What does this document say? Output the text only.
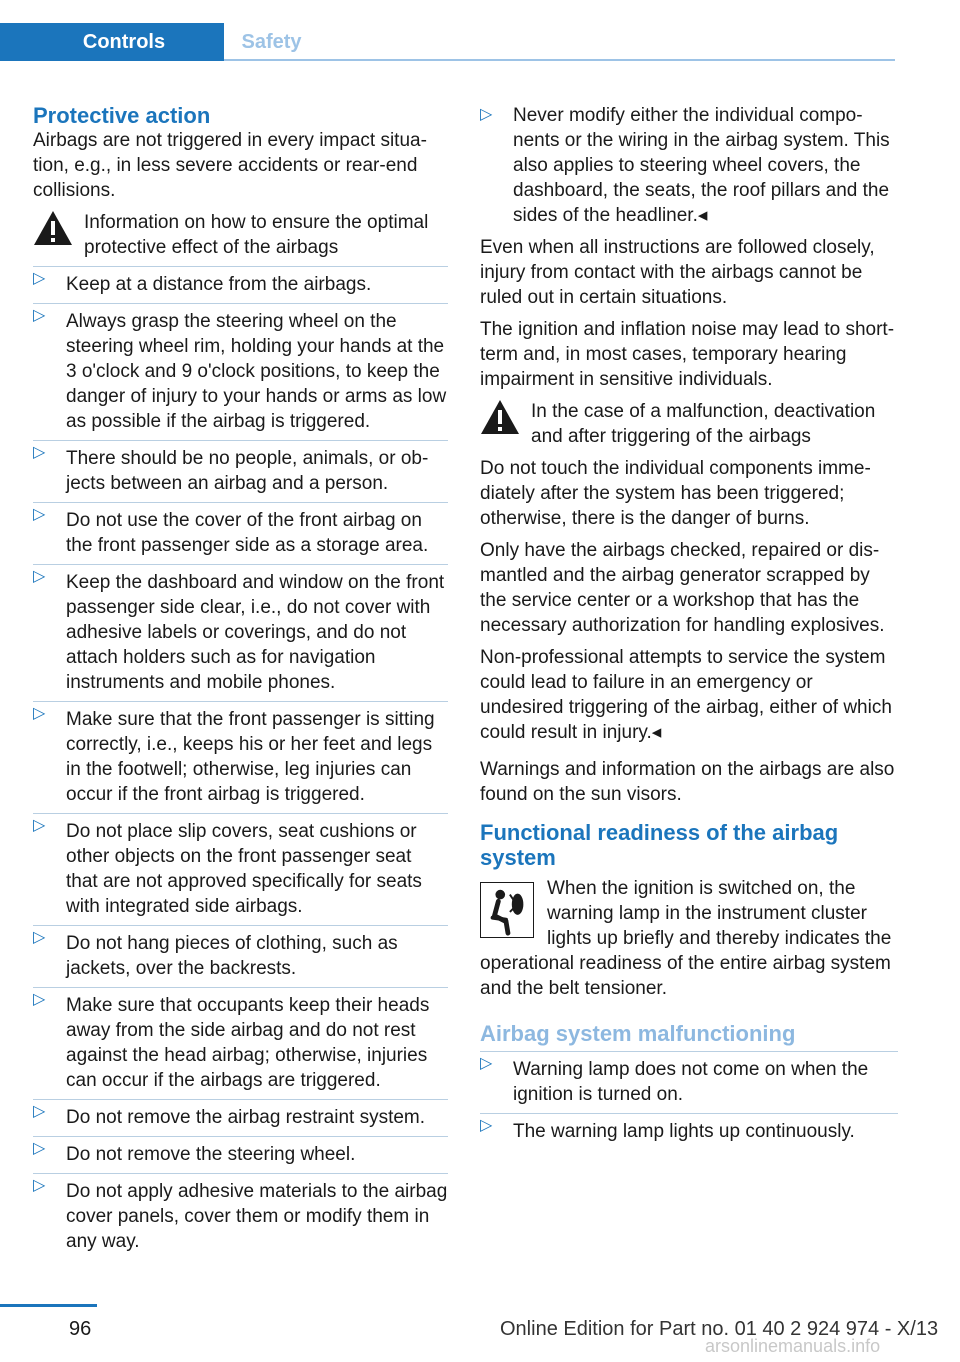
Controls	Safety
Protective action

Airbags are not triggered in every impact situation, e.g., in less severe accidents or rear-end collisions.

Information on how to ensure the optimal protective effect of the airbags
▷ Keep at a distance from the airbags.
▷ Always grasp the steering wheel on the steering wheel rim, holding your hands at the 3 o'clock and 9 o'clock positions, to keep the danger of injury to your hands or arms as low as possible if the airbag is triggered.
▷ There should be no people, animals, or objects between an airbag and a person.
▷ Do not use the cover of the front airbag on the front passenger side as a storage area.
▷ Keep the dashboard and window on the front passenger side clear, i.e., do not cover with adhesive labels or coverings, and do not attach holders such as for navigation instruments and mobile phones.
▷ Make sure that the front passenger is sitting correctly, i.e., keeps his or her feet and legs in the footwell; otherwise, leg injuries can occur if the front airbag is triggered.
▷ Do not place slip covers, seat cushions or other objects on the front passenger seat that are not approved specifically for seats with integrated side airbags.
▷ Do not hang pieces of clothing, such as jackets, over the backrests.
▷ Make sure that occupants keep their heads away from the side airbag and do not rest against the head airbag; otherwise, injuries can occur if the airbags are triggered.
▷ Do not remove the airbag restraint system.
▷ Do not remove the steering wheel.
▷ Do not apply adhesive materials to the airbag cover panels, cover them or modify them in any way.
▷ Never modify either the individual components or the wiring in the airbag system. This also applies to steering wheel covers, the dashboard, the seats, the roof pillars and the sides of the headliner.◂

Even when all instructions are followed closely, injury from contact with the airbags cannot be ruled out in certain situations.

The ignition and inflation noise may lead to short-term and, in most cases, temporary hearing impairment in sensitive individuals.

In the case of a malfunction, deactivation and after triggering of the airbags

Do not touch the individual components immediately after the system has been triggered; otherwise, there is the danger of burns.

Only have the airbags checked, repaired or dismantled and the airbag generator scrapped by the service center or a workshop that has the necessary authorization for handling explosives.

Non-professional attempts to service the system could lead to failure in an emergency or undesired triggering of the airbag, either of which could result in injury.◂

Warnings and information on the airbags are also found on the sun visors.

Functional readiness of the airbag system

When the ignition is switched on, the warning lamp in the instrument cluster lights up briefly and thereby indicates the operational readiness of the entire airbag system and the belt tensioner.

Airbag system malfunctioning
▷ Warning lamp does not come on when the ignition is turned on.
▷ The warning lamp lights up continuously.
96	Online Edition for Part no. 01 40 2 924 974 - X/13
arsonlinemanuals.info
